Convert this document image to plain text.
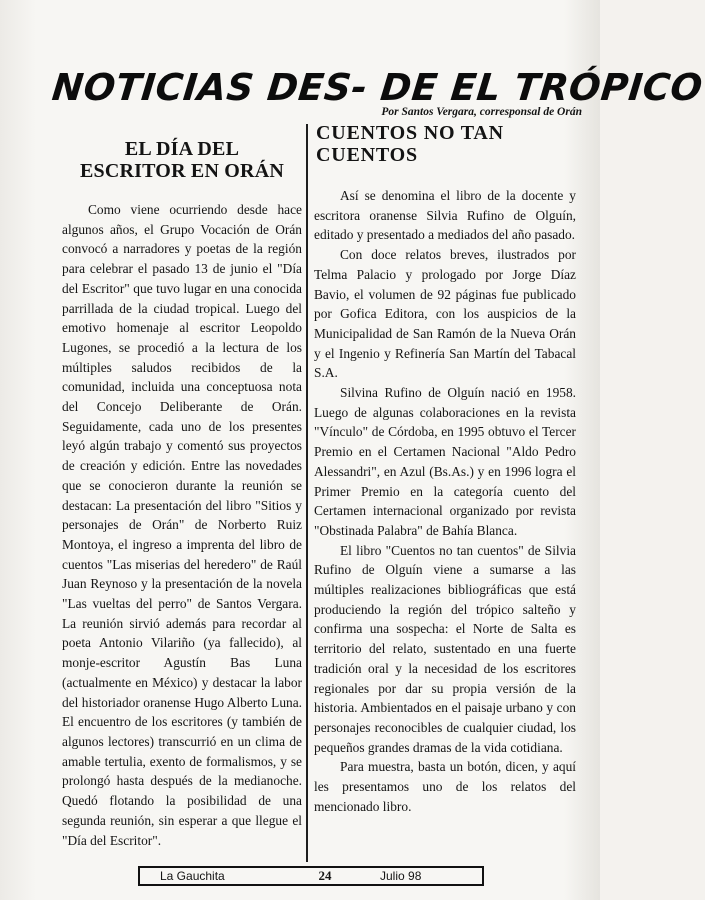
NOTICIAS DES- DE EL TRÓPICO
Por Santos Vergara, corresponsal de Orán
EL DÍA DEL
ESCRITOR EN ORÁN

Como viene ocurriendo desde hace algunos años, el Grupo Vocación de Orán convocó a narradores y poetas de la región para celebrar el pasado 13 de junio el "Día del Escritor" que tuvo lugar en una conocida parrillada de la ciudad tropical. Luego del emotivo homenaje al escritor Leopoldo Lugones, se procedió a la lectura de los múltiples saludos recibidos de la comunidad, incluida una conceptuosa nota del Concejo Deliberante de Orán. Seguidamente, cada uno de los presentes leyó algún trabajo y comentó sus proyectos de creación y edición. Entre las novedades que se conocieron durante la reunión se destacan: La presentación del libro "Sitios y personajes de Orán" de Norberto Ruiz Montoya, el ingreso a imprenta del libro de cuentos "Las miserias del heredero" de Raúl Juan Reynoso y la presentación de la novela "Las vueltas del perro" de Santos Vergara. La reunión sirvió además para recordar al poeta Antonio Vilariño (ya fallecido), al monje-escritor Agustín Bas Luna (actualmente en México) y destacar la labor del historiador oranense Hugo Alberto Luna. El encuentro de los escritores (y también de algunos lectores) transcurrió en un clima de amable tertulia, exento de formalismos, y se prolongó hasta después de la medianoche. Quedó flotando la posibilidad de una segunda reunión, sin esperar a que llegue el "Día del Escritor".

CUENTOS NO TAN
CUENTOS

Así se denomina el libro de la docente y escritora oranense Silvia Rufino de Olguín, editado y presentado a mediados del año pasado.

Con doce relatos breves, ilustrados por Telma Palacio y prologado por Jorge Díaz Bavio, el volumen de 92 páginas fue publicado por Gofica Editora, con los auspicios de la Municipalidad de San Ramón de la Nueva Orán y el Ingenio y Refinería San Martín del Tabacal S.A.

Silvina Rufino de Olguín nació en 1958. Luego de algunas colaboraciones en la revista "Vínculo" de Córdoba, en 1995 obtuvo el Tercer Premio en el Certamen Nacional "Aldo Pedro Alessandri", en Azul (Bs.As.) y en 1996 logra el Primer Premio en la categoría cuento del Certamen internacional organizado por revista "Obstinada Palabra" de Bahía Blanca.

El libro "Cuentos no tan cuentos" de Silvia Rufino de Olguín viene a sumarse a las múltiples realizaciones bibliográficas que está produciendo la región del trópico salteño y confirma una sospecha: el Norte de Salta es territorio del relato, sustentado en una fuerte tradición oral y la necesidad de los escritores regionales por dar su propia versión de la historia. Ambientados en el paisaje urbano y con personajes reconocibles de cualquier ciudad, los pequeños grandes dramas de la vida cotidiana.

Para muestra, basta un botón, dicen, y aquí les presentamos uno de los relatos del mencionado libro.

La Gauchita	24	Julio 98
